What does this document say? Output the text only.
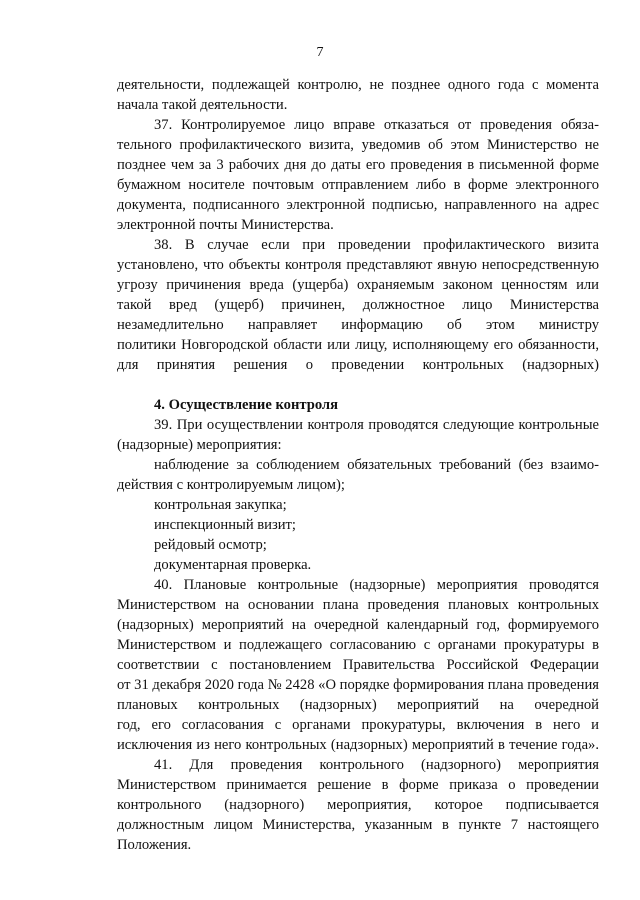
7
деятельности, подлежащей контролю, не позднее одного года с момента
начала такой деятельности.
37. Контролируемое лицо вправе отказаться от проведения обяза-
тельного профилактического визита, уведомив об этом Министерство не
позднее чем за 3 рабочих дня до даты его проведения в письменной форме
бумажном носителе почтовым отправлением либо в форме электронного
документа, подписанного электронной подписью, направленного на адрес
электронной почты Министерства.
38. В случае если при проведении профилактического визита
установлено, что объекты контроля представляют явную непосредственную
угрозу причинения вреда (ущерба) охраняемым законом ценностям или
такой вред (ущерб) причинен, должностное лицо Министерства
незамедлительно направляет информацию об этом министру
политики Новгородской области или лицу, исполняющему его обязанности,
для принятия решения о проведении контрольных (надзорных)
4. Осуществление контроля
39. При осуществлении контроля проводятся следующие контрольные
(надзорные) мероприятия:
наблюдение за соблюдением обязательных требований (без взаимо-
действия с контролируемым лицом);
контрольная закупка;
инспекционный визит;
рейдовый осмотр;
документарная проверка.
40. Плановые контрольные (надзорные) мероприятия проводятся
Министерством на основании плана проведения плановых контрольных
(надзорных) мероприятий на очередной календарный год, формируемого
Министерством и подлежащего согласованию с органами прокуратуры в
соответствии с постановлением Правительства Российской Федерации
от 31 декабря 2020 года № 2428 «О порядке формирования плана проведения
плановых контрольных (надзорных) мероприятий на очередной
год, его согласования с органами прокуратуры, включения в него и
исключения из него контрольных (надзорных) мероприятий в течение года».
41. Для проведения контрольного (надзорного) мероприятия
Министерством принимается решение в форме приказа о проведении
контрольного (надзорного) мероприятия, которое подписывается
должностным лицом Министерства, указанным в пункте 7 настоящего
Положения.
